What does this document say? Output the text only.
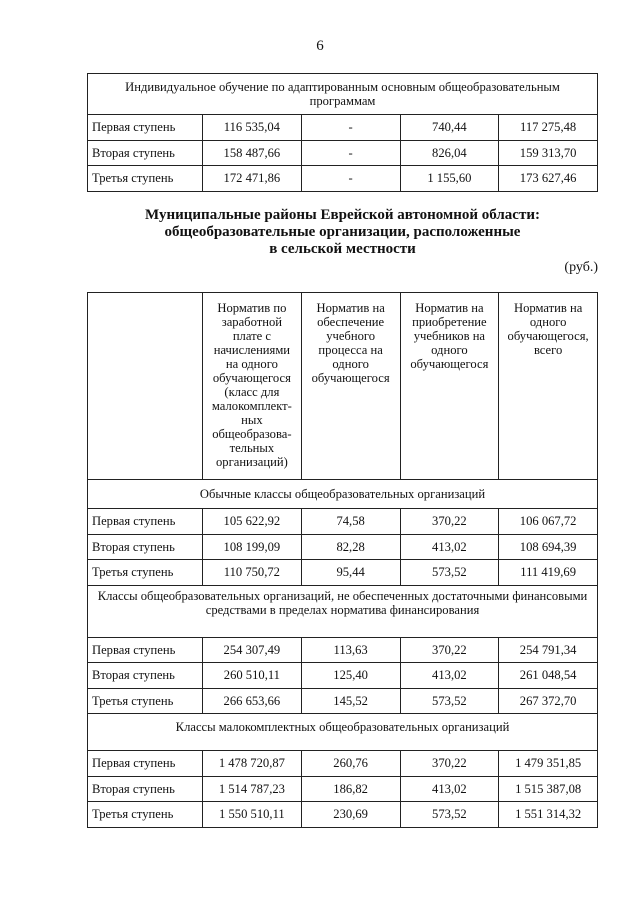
6
Индивидуальное обучение по адаптированным основным общеобразовательным программам				
Первая ступень	116 535,04	-	740,44	117 275,48
Вторая ступень	158 487,66	-	826,04	159 313,70
Третья ступень	172 471,86	-	1 155,60	173 627,46
Муниципальные районы Еврейской автономной области:
общеобразовательные организации, расположенные
в сельской местности
(руб.)
	Норматив по заработной плате с начислениями на одного обучающегося (класс для малокомплект-ных общеобразова-тельных организаций)	Норматив на обеспечение учебного процесса на одного обучающегося	Норматив на приобретение учебников на одного обучающегося	Норматив на одного обучающегося, всего
Обычные классы общеобразовательных организаций				
Первая ступень	105 622,92	74,58	370,22	106 067,72
Вторая ступень	108 199,09	82,28	413,02	108 694,39
Третья ступень	110 750,72	95,44	573,52	111 419,69
Классы общеобразовательных организаций, не обеспеченных достаточными финансовыми средствами в пределах норматива финансирования				
Первая ступень	254 307,49	113,63	370,22	254 791,34
Вторая ступень	260 510,11	125,40	413,02	261 048,54
Третья ступень	266 653,66	145,52	573,52	267 372,70
Классы малокомплектных общеобразовательных организаций				
Первая ступень	1 478 720,87	260,76	370,22	1 479 351,85
Вторая ступень	1 514 787,23	186,82	413,02	1 515 387,08
Третья ступень	1 550 510,11	230,69	573,52	1 551 314,32
